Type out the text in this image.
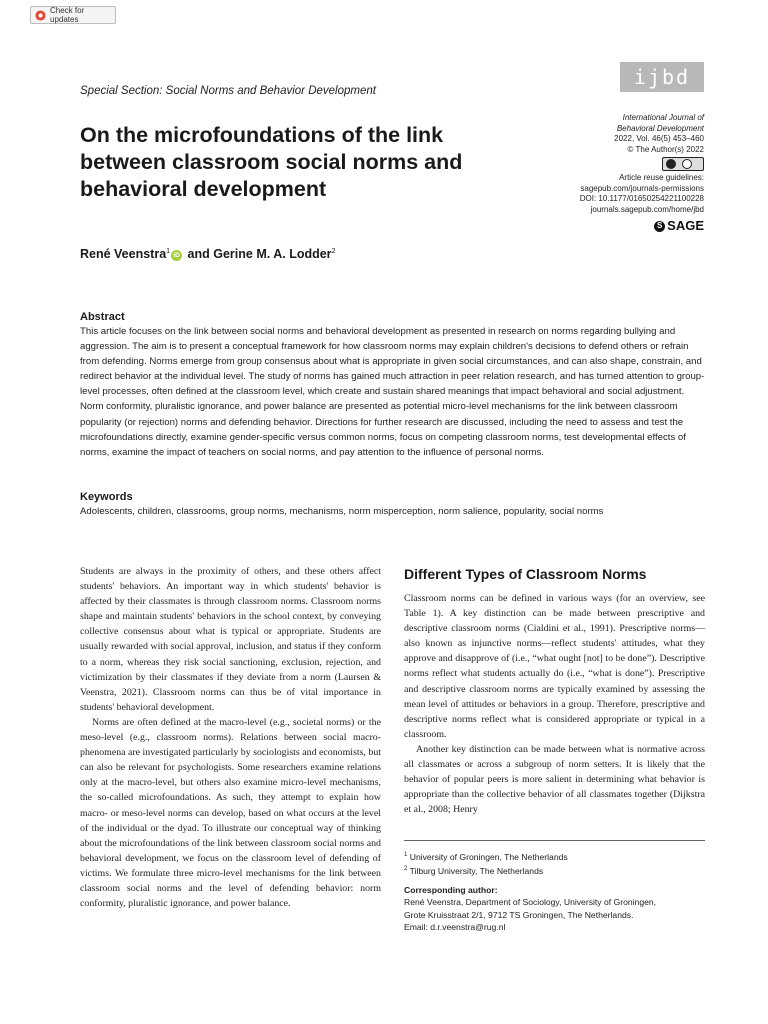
Check for updates
ijbd
Special Section: Social Norms and Behavior Development
On the microfoundations of the link between classroom social norms and behavioral development
International Journal of
Behavioral Development
2022, Vol. 46(5) 453–460
© The Author(s) 2022
Article reuse guidelines:
sagepub.com/journals-permissions
DOI: 10.1177/01650254221100228
journals.sagepub.com/home/jbd
S SAGE
René Veenstra$^1$iD and Gerine M. A. Lodder$^2$
Abstract

This article focuses on the link between social norms and behavioral development as presented in research on norms regarding bullying and aggression. The aim is to present a conceptual framework for how classroom norms may explain children's decisions to defend others or refrain from defending. Norms emerge from group consensus about what is appropriate in given social circumstances, and can also shape, constrain, and redirect behavior at the individual level. The study of norms has gained much attraction in peer relation research, and has turned attention to group-level processes, often defined at the classroom level, which create and sustain shared meanings that impact behavioral and social adjustment. Norm conformity, pluralistic ignorance, and power balance are presented as potential micro-level mechanisms for the link between classroom popularity (or rejection) norms and defending behavior. Directions for further research are discussed, including the need to assess and test the microfoundations directly, examine gender-specific versus common norms, focus on competing classroom norms, test developmental effects of norms, examine the impact of teachers on social norms, and pay attention to the influence of personal norms.

Keywords
Adolescents, children, classrooms, group norms, mechanisms, norm misperception, norm salience, popularity, social norms

Students are always in the proximity of others, and these others affect students' behaviors. An important way in which students' behavior is affected by their classmates is through classroom norms. Classroom norms shape and maintain students' behaviors in the school context, by conveying collective consensus about what is typical or appropriate. Students are usually rewarded with social approval, inclusion, and status if they conform to a norm, whereas they risk social sanctioning, exclusion, rejection, and victimization by their classmates if they deviate from a norm (Laursen & Veenstra, 2021). Classroom norms can thus be of vital importance in students' behavioral development.

Norms are often defined at the macro-level (e.g., societal norms) or the meso-level (e.g., classroom norms). Relations between social macro-phenomena are investigated particularly by sociologists and economists, but can also be relevant for psychologists. Some researchers examine relations only at the macro-level, but others also examine micro-level mechanisms, the so-called microfoundations. As such, they attempt to explain how macro- or meso-level norms can develop, based on what occurs at the level of the individual or the dyad. To illustrate our conceptual way of thinking about the microfoundations of the link between classroom social norms and behavioral development, we focus on the classroom level of defending of victims. We formulate three micro-level mechanisms for the link between classroom social norms and the level of defending behavior: norm conformity, pluralistic ignorance, and power balance.

Different Types of Classroom Norms

Classroom norms can be defined in various ways (for an overview, see Table 1). A key distinction can be made between prescriptive and descriptive classroom norms (Cialdini et al., 1991). Prescriptive norms—also known as injunctive norms—reflect students' attitudes, what they approve and disapprove of (i.e., “what ought [not] to be done”). Descriptive norms reflect what students actually do (i.e., “what is done”). Prescriptive and descriptive classroom norms are typically examined by assessing the mean level of attitudes or behaviors in a group. Therefore, prescriptive and descriptive norms reflect what is considered appropriate or typical in a classroom.

Another key distinction can be made between what is normative across all classmates or across a subgroup of norm setters. It is likely that the behavior of popular peers is more salient in determining what behavior is appropriate than the collective behavior of all classmates together (Dijkstra et al., 2008; Henry

$^1$ University of Groningen, The Netherlands
$^2$ Tilburg University, The Netherlands
Corresponding author:
René Veenstra, Department of Sociology, University of Groningen,
Grote Kruisstraat 2/1, 9712 TS Groningen, The Netherlands.
Email: d.r.veenstra@rug.nl
